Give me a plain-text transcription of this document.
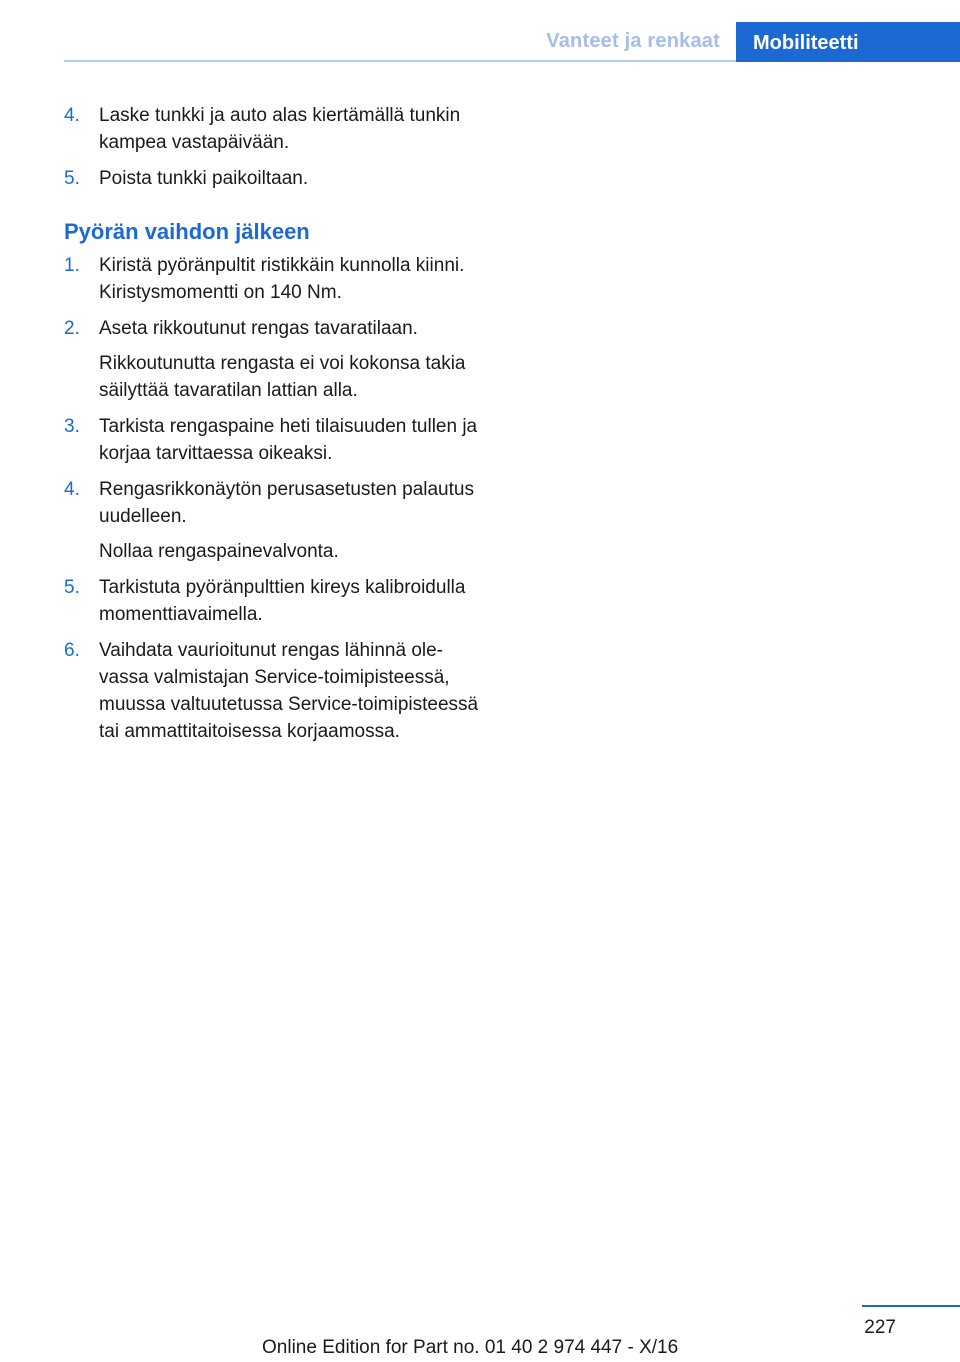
Vanteet ja renkaat	Mobiliteetti
4. Laske tunkki ja auto alas kiertämällä tunkin kampea vastapäivään.
5. Poista tunkki paikoiltaan.
Pyörän vaihdon jälkeen
1. Kiristä pyöränpultit ristikkäin kunnolla kiinni. Kiristysmomentti on 140 Nm.
2. Aseta rikkoutunut rengas tavaratilaan.
Rikkoutunutta rengasta ei voi kokonsa takia säilyttää tavaratilan lattian alla.
3. Tarkista rengaspaine heti tilaisuuden tullen ja korjaa tarvittaessa oikeaksi.
4. Rengasrikkonäytön perusasetusten palautus uudelleen.
Nollaa rengaspainevalvonta.
5. Tarkistuta pyöränpulttien kireys kalibroidulla momenttiavaimella.
6. Vaihdata vaurioitunut rengas lähinnä olevassa valmistajan Service-toimipisteessä, muussa valtuutetussa Service-toimipisteessä tai ammattitaitoisessa korjaamossa.
227
Online Edition for Part no. 01 40 2 974 447 - X/16
